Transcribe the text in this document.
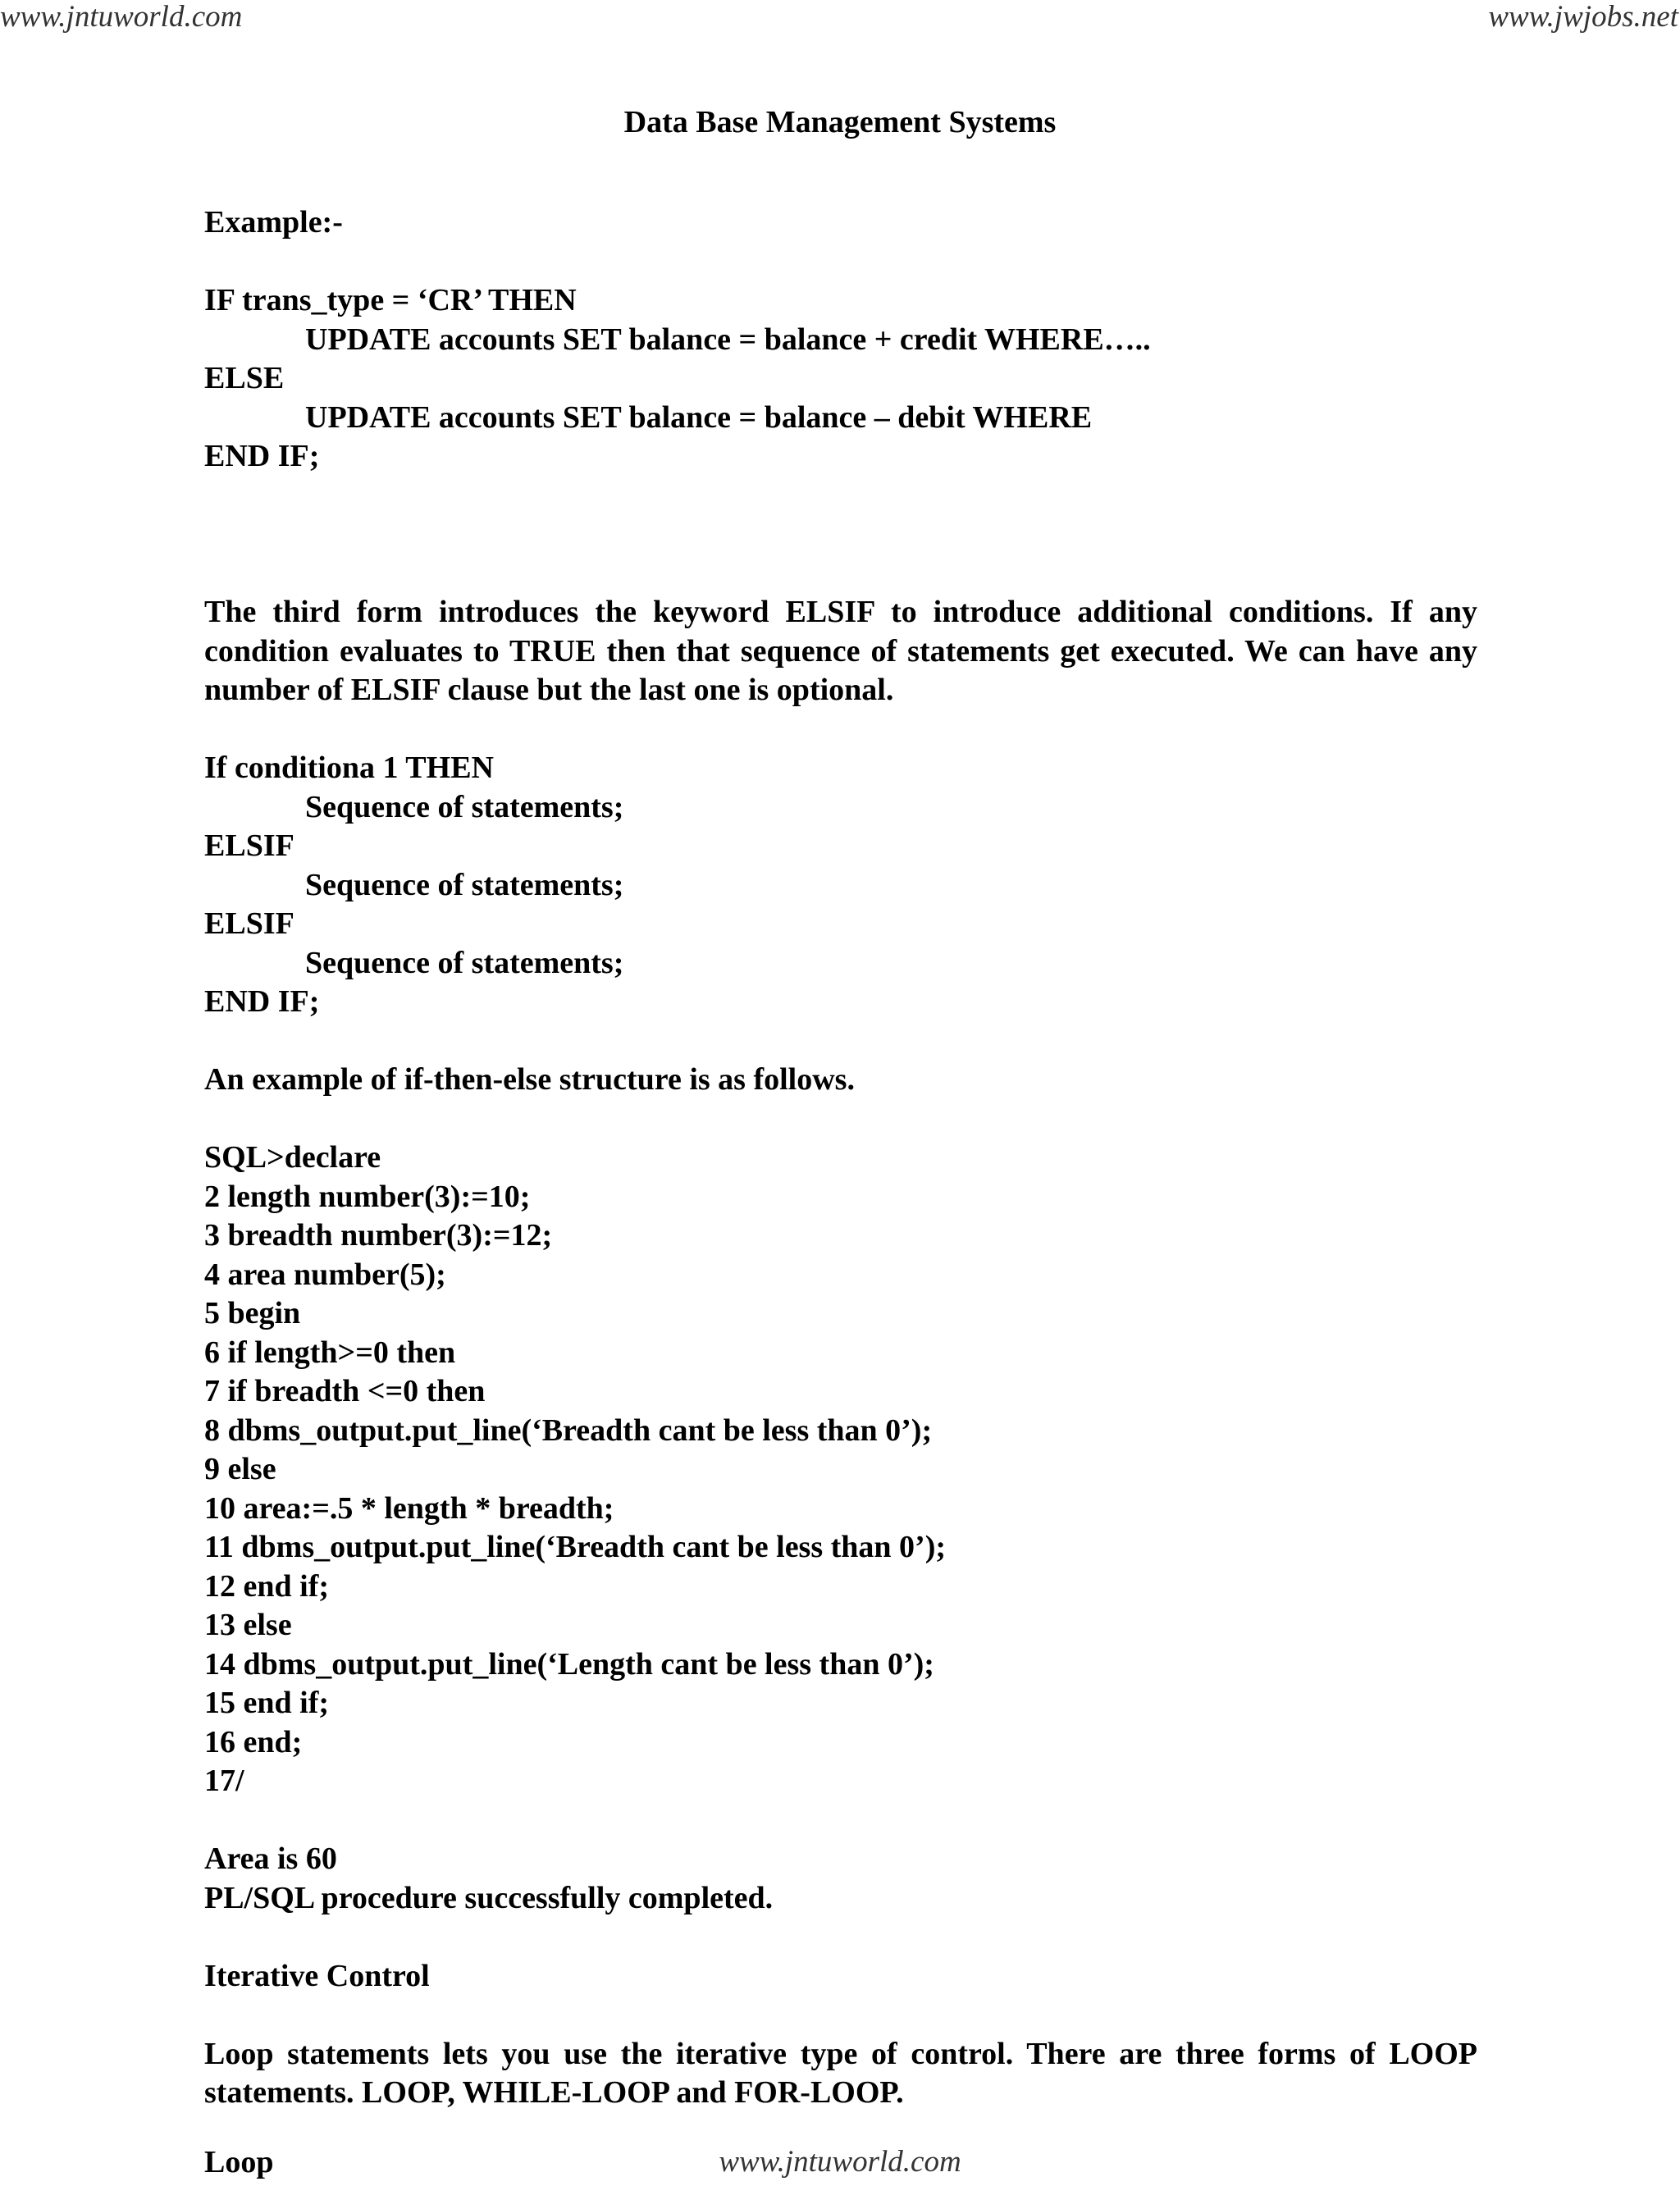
www.jntuworld.com	www.jwjobs.net
Data Base Management Systems
Example:-
IF trans_type = ‘CR’ THEN
UPDATE accounts SET balance = balance + credit WHERE…..
ELSE
UPDATE accounts SET balance = balance – debit WHERE
END IF;

The third form introduces the keyword ELSIF to introduce additional conditions. If any condition evaluates to TRUE then that sequence of statements get executed. We can have any number of ELSIF clause but the last one is optional.

If conditiona 1 THEN
Sequence of statements;
ELSIF
Sequence of statements;
ELSIF
Sequence of statements;
END IF;
An example of if-then-else structure is as follows.
SQL>declare
2 length number(3):=10;
3 breadth number(3):=12;
4 area number(5);
5 begin
6 if length>=0 then
7 if breadth <=0 then
8 dbms_output.put_line(‘Breadth cant be less than 0’);
9 else
10 area:=.5 * length * breadth;
11 dbms_output.put_line(‘Breadth cant be less than 0’);
12 end if;
13 else
14 dbms_output.put_line(‘Length cant be less than 0’);
15 end if;
16 end;
17/
Area is 60
PL/SQL procedure successfully completed.
Iterative Control

Loop statements lets you use the iterative type of control. There are three forms of LOOP statements. LOOP, WHILE-LOOP and FOR-LOOP.

Loop	www.jntuworld.com
